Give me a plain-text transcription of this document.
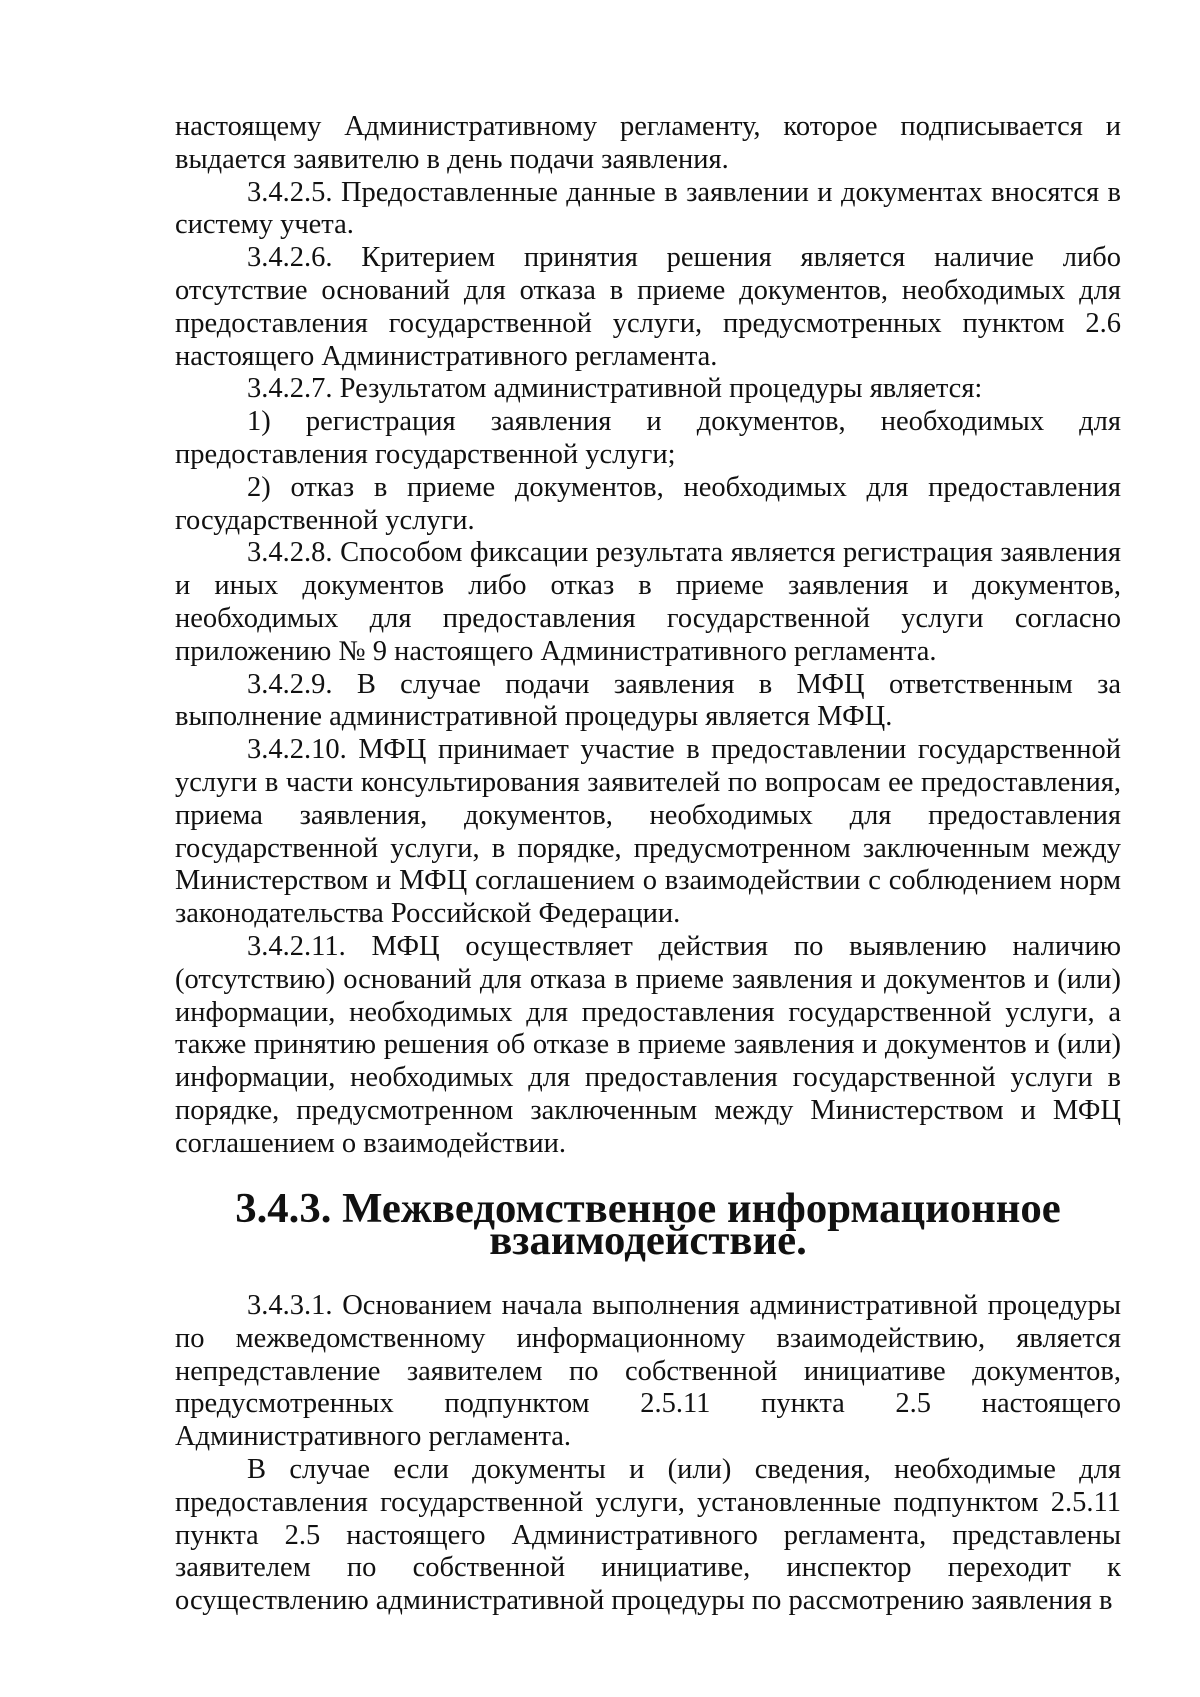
настоящему Административному регламенту, которое подписывается и выдается заявителю в день подачи заявления.

3.4.2.5. Предоставленные данные в заявлении и документах вносятся в систему учета.

3.4.2.6. Критерием принятия решения является наличие либо отсутствие оснований для отказа в приеме документов, необходимых для предоставления государственной услуги, предусмотренных пунктом 2.6 настоящего Административного регламента.

3.4.2.7. Результатом административной процедуры является:

1) регистрация заявления и документов, необходимых для предоставления государственной услуги;

2) отказ в приеме документов, необходимых для предоставления государственной услуги.

3.4.2.8. Способом фиксации результата является регистрация заявления и иных документов либо отказ в приеме заявления и документов, необходимых для предоставления государственной услуги согласно приложению № 9 настоящего Административного регламента.

3.4.2.9. В случае подачи заявления в МФЦ ответственным за выполнение административной процедуры является МФЦ.

3.4.2.10. МФЦ принимает участие в предоставлении государственной услуги в части консультирования заявителей по вопросам ее предоставления, приема заявления, документов, необходимых для предоставления государственной услуги, в порядке, предусмотренном заключенным между Министерством и МФЦ соглашением о взаимодействии с соблюдением норм законодательства Российской Федерации.

3.4.2.11. МФЦ осуществляет действия по выявлению наличию (отсутствию) оснований для отказа в приеме заявления и документов и (или) информации, необходимых для предоставления государственной услуги, а также принятию решения об отказе в приеме заявления и документов и (или) информации, необходимых для предоставления государственной услуги в порядке, предусмотренном заключенным между Министерством и МФЦ соглашением о взаимодействии.

3.4.3. Межведомственное информационное взаимодействие.

3.4.3.1. Основанием начала выполнения административной процедуры по межведомственному информационному взаимодействию, является непредставление заявителем по собственной инициативе документов, предусмотренных подпунктом 2.5.11 пункта 2.5 настоящего Административного регламента.

В случае если документы и (или) сведения, необходимые для предоставления государственной услуги, установленные подпунктом 2.5.11 пункта 2.5 настоящего Административного регламента, представлены заявителем по собственной инициативе, инспектор переходит к осуществлению административной процедуры по рассмотрению заявления в
